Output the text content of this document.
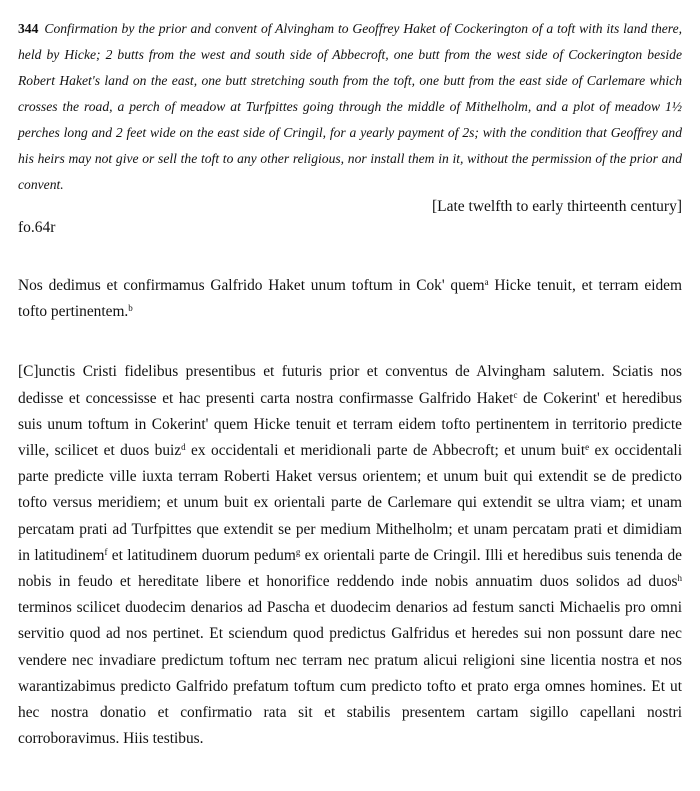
344 Confirmation by the prior and convent of Alvingham to Geoffrey Haket of Cockerington of a toft with its land there, held by Hicke; 2 butts from the west and south side of Abbecroft, one butt from the west side of Cockerington beside Robert Haket's land on the east, one butt stretching south from the toft, one butt from the east side of Carlemare which crosses the road, a perch of meadow at Turfpittes going through the middle of Mithelholm, and a plot of meadow 1½ perches long and 2 feet wide on the east side of Cringil, for a yearly payment of 2s; with the condition that Geoffrey and his heirs may not give or sell the toft to any other religious, nor install them in it, without the permission of the prior and convent.

[Late twelfth to early thirteenth century]

fo.64r

Nos dedimus et confirmamus Galfrido Haket unum toftum in Cok' quem$^a$ Hicke tenuit, et terram eidem tofto pertinentem.$^b$

[C]unctis Cristi fidelibus presentibus et futuris prior et conventus de Alvingham salutem. Sciatis nos dedisse et concessisse et hac presenti carta nostra confirmasse Galfrido Haket$^c$ de Cokerint' et heredibus suis unum toftum in Cokerint' quem Hicke tenuit et terram eidem tofto pertinentem in territorio predicte ville, scilicet et duos buiz$^d$ ex occidentali et meridionali parte de Abbecroft; et unum buit$^e$ ex occidentali parte predicte ville iuxta terram Roberti Haket versus orientem; et unum buit qui extendit se de predicto tofto versus meridiem; et unum buit ex orientali parte de Carlemare qui extendit se ultra viam; et unam percatam prati ad Turfpittes que extendit se per medium Mithelholm; et unam percatam prati et dimidiam in latitudinem$^f$ et latitudinem duorum pedum$^g$ ex orientali parte de Cringil. Illi et heredibus suis tenenda de nobis in feudo et hereditate libere et honorifice reddendo inde nobis annuatim duos solidos ad duos$^h$ terminos scilicet duodecim denarios ad Pascha et duodecim denarios ad festum sancti Michaelis pro omni servitio quod ad nos pertinet. Et sciendum quod predictus Galfridus et heredes sui non possunt dare nec vendere nec invadiare predictum toftum nec terram nec pratum alicui religioni sine licentia nostra et nos warantizabimus predicto Galfrido prefatum toftum cum predicto tofto et prato erga omnes homines. Et ut hec nostra donatio et confirmatio rata sit et stabilis presentem cartam sigillo capellani nostri corroboravimus. Hiis testibus.
